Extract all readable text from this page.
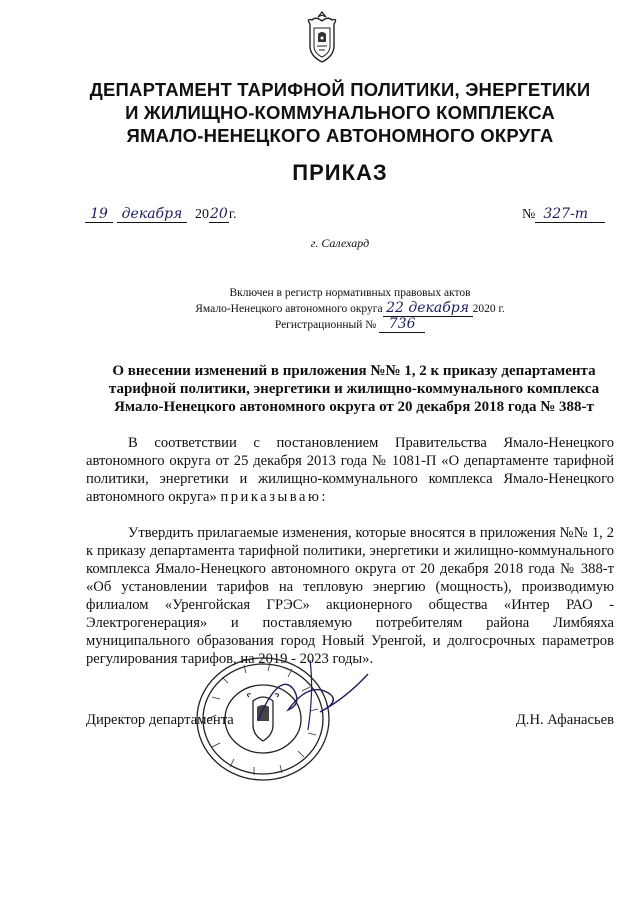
ДЕПАРТАМЕНТ ТАРИФНОЙ ПОЛИТИКИ, ЭНЕРГЕТИКИ
И ЖИЛИЩНО-КОММУНАЛЬНОГО КОМПЛЕКСА
ЯМАЛО-НЕНЕЦКОГО АВТОНОМНОГО ОКРУГА
ПРИКАЗ
19 декабря 20 20 г.	№ 327-т
г. Салехард
Включен в регистр нормативных правовых актов
Ямало-Ненецкого автономного округа 22 декабря 2020 г.
Регистрационный № 736
О внесении изменений в приложения №№ 1, 2 к приказу департамента тарифной политики, энергетики и жилищно-коммунального комплекса Ямало-Ненецкого автономного округа от 20 декабря 2018 года № 388-т
В соответствии с постановлением Правительства Ямало-Ненецкого автономного округа от 25 декабря 2013 года № 1081-П «О департаменте тарифной политики, энергетики и жилищно-коммунального комплекса Ямало-Ненецкого автономного округа» приказываю:
Утвердить прилагаемые изменения, которые вносятся в приложения №№ 1, 2 к приказу департамента тарифной политики, энергетики и жилищно-коммунального комплекса Ямало-Ненецкого автономного округа от 20 декабря 2018 года № 388-т «Об установлении тарифов на тепловую энергию (мощность), производимую филиалом «Уренгойская ГРЭС» акционерного общества «Интер РАО - Электрогенерация» и поставляемую потребителям района Лимбяяха муниципального образования город Новый Уренгой, и долгосрочных параметров регулирования тарифов, на 2019 - 2023 годы».
Директор департамента	Д.Н. Афанасьев
